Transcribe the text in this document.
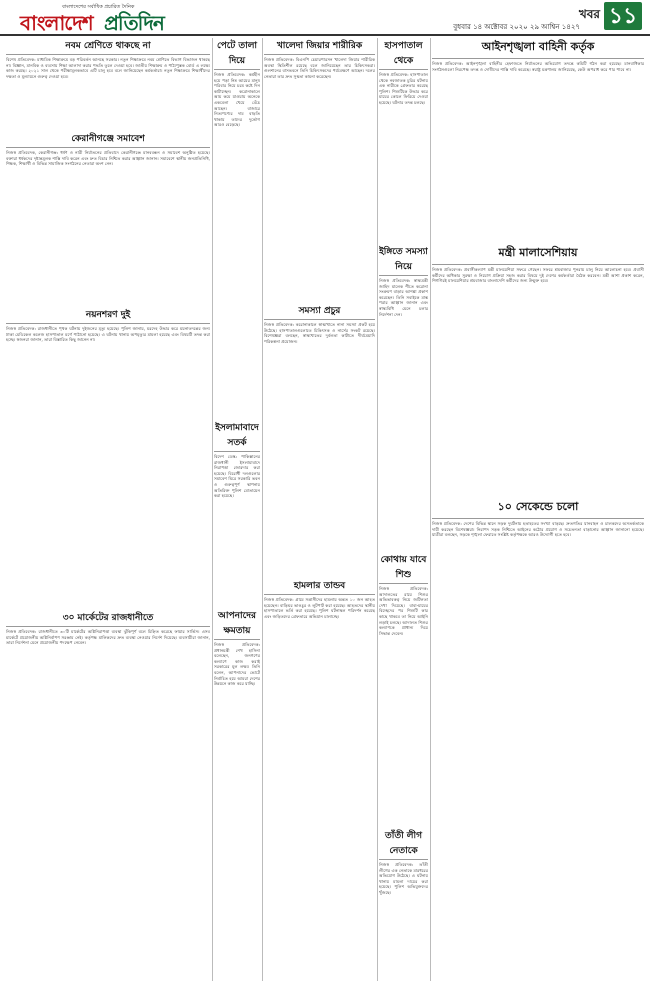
বাংলাদেশের সর্বাধিক প্রচারিত দৈনিক
বাংলাদেশ প্রতিদিন	খবর
বুধবার ১৪ অক্টোবর ২০২০ ২৯ আশ্বিন ১৪২৭ ১১
নবম শ্রেণিতে থাকছে না

বিশেষ প্রতিবেদক: মাধ্যমিক শিক্ষাক্রমে বড় পরিবর্তন আনছে সরকার। নতুন শিক্ষাক্রমে নবম শ্রেণিতে বিভাগ বিভাজন থাকছে না। বিজ্ঞান, মানবিক ও ব্যবসায় শিক্ষা আলাদা করার পদ্ধতি তুলে দেওয়া হবে। জাতীয় শিক্ষাক্রম ও পাঠ্যপুস্তক বোর্ড এ লক্ষ্যে কাজ করছে। ২০২১ সাল থেকে পরীক্ষামূলকভাবে এটি চালু হবে বলে জানিয়েছেন কর্মকর্তারা। নতুন শিক্ষাক্রমে শিক্ষার্থীদের দক্ষতা ও মূল্যায়নে গুরুত্ব দেওয়া হবে।

কেরানীগঞ্জে সমাবেশ

নিজস্ব প্রতিবেদক, কেরানীগঞ্জ: ধর্ষণ ও নারী নির্যাতনের প্রতিবাদে কেরানীগঞ্জে মানববন্ধন ও সমাবেশ অনুষ্ঠিত হয়েছে। বক্তারা ধর্ষকদের দৃষ্টান্তমূলক শাস্তি দাবি করেন এবং দ্রুত বিচার নিশ্চিত করার আহ্বান জানান। সমাবেশে স্থানীয় জনপ্রতিনিধি, শিক্ষক, শিক্ষার্থী ও বিভিন্ন সামাজিক সংগঠনের নেতারা অংশ নেন।

নয়নশরণ দুই

নিজস্ব প্রতিবেদক: রাজধানীতে পৃথক ঘটনায় দুইজনের মৃত্যু হয়েছে। পুলিশ জানায়, মরদেহ উদ্ধার করে ময়নাতদন্তের জন্য ঢাকা মেডিকেল কলেজ হাসপাতাল মর্গে পাঠানো হয়েছে। এ ঘটনায় থানায় অপমৃত্যুর মামলা হয়েছে এবং বিষয়টি তদন্ত করা হচ্ছে। স্বজনরা জানান, তারা বিস্তারিত কিছু জানেন না।

৩০ মার্কেটের রাজধানীতে

নিজস্ব প্রতিবেদক: রাজধানীতে ৩০টি মার্কেটের অগ্নিনিরাপত্তা ব্যবস্থা ঝুঁকিপূর্ণ বলে চিহ্নিত করেছে ফায়ার সার্ভিস। এসব মার্কেটে প্রয়োজনীয় অগ্নিনির্বাপণ সরঞ্জাম নেই। কর্তৃপক্ষ মালিকদের দ্রুত ব্যবস্থা নেওয়ার নির্দেশ দিয়েছে। ব্যবসায়ীরা জানান, তারা নির্দেশনা মেনে প্রয়োজনীয় পদক্ষেপ নেবেন।

পেটে তালা দিয়ে

নিজস্ব প্রতিবেদক: কর্মহীন হয়ে পড়া নিম্ন আয়ের মানুষ পরিবার নিয়ে চরম কষ্টে দিন কাটাচ্ছেন। করোনাকালে আয় কমে যাওয়ায় অনেকে একবেলা খেয়ে বেঁচে আছেন। বাজারে নিত্যপণ্যের দাম বাড়তি থাকায় তাদের দুর্ভোগ আরও বেড়েছে।

ইসলামাবাদে সতর্ক

বিদেশ ডেস্ক: পাকিস্তানের রাজধানী ইসলামাবাদে নিরাপত্তা জোরদার করা হয়েছে। বিরোধী দলগুলোর সমাবেশ ঘিরে সরকারি ভবন ও গুরুত্বপূর্ণ স্থাপনায় অতিরিক্ত পুলিশ মোতায়েন করা হয়েছে।

আপনাদের ক্ষমতায়

নিজস্ব প্রতিবেদক: প্রধানমন্ত্রী শেখ হাসিনা বলেছেন, জনগণের কল্যাণে কাজ করাই সরকারের মূল লক্ষ্য। তিনি বলেন, আপনাদের ভোটে নির্বাচিত হয়ে আমরা দেশের উন্নয়নে কাজ করে যাচ্ছি।

খালেদা জিয়ার শারীরিক

নিজস্ব প্রতিবেদক: বিএনপি চেয়ারপারসন খালেদা জিয়ার শারীরিক অবস্থা স্থিতিশীল রয়েছে বলে জানিয়েছেন তার চিকিৎসকরা। গুলশানের বাসভবনে তিনি চিকিৎসকদের পর্যবেক্ষণে আছেন। দলের নেতারা তার দ্রুত সুস্থতা কামনা করেছেন।

সমস্যা প্রচুর

নিজস্ব প্রতিবেদক: করোনাকালে স্বাস্থ্যখাতে নানা সমস্যা প্রকট হয়ে উঠেছে। হাসপাতালগুলোতে চিকিৎসক ও নার্সের সংকট রয়েছে। বিশেষজ্ঞরা বলছেন, স্বাস্থ্যখাতের দুর্বলতা কাটাতে দীর্ঘমেয়াদি পরিকল্পনা প্রয়োজন।

হামলার তান্ডব

নিজস্ব প্রতিবেদক: গ্রামে সন্ত্রাসীদের হামলায় অন্তত ১০ জন আহত হয়েছেন। বাড়িঘর ভাঙচুর ও লুটপাট করা হয়েছে। আহতদের স্থানীয় হাসপাতালে ভর্তি করা হয়েছে। পুলিশ ঘটনাস্থল পরিদর্শন করেছে এবং জড়িতদের গ্রেফতারে অভিযান চালাচ্ছে।

হাসপাতাল থেকে

নিজস্ব প্রতিবেদক: হাসপাতাল থেকে নবজাতক চুরির ঘটনায় এক নারীকে গ্রেফতার করেছে পুলিশ। শিশুটিকে উদ্ধার করে মায়ের কোলে ফিরিয়ে দেওয়া হয়েছে। ঘটনার তদন্ত চলছে।

ইঙ্গিতে সমস্যা নিয়ে

নিজস্ব প্রতিবেদক: স্বাস্থ্যমন্ত্রী জাহিদ মালেক শীতে করোনা সংক্রমণ বাড়ার আশঙ্কা প্রকাশ করেছেন। তিনি সবাইকে মাস্ক পরার আহ্বান জানান এবং স্বাস্থ্যবিধি মেনে চলার নির্দেশনা দেন।

কোথায় যাবে শিশু

নিজস্ব প্রতিবেদক: আদালতের রায়ে শিশুর অভিভাবকত্ব নিয়ে জটিলতা দেখা দিয়েছে। বাবা-মায়ের বিচ্ছেদের পর শিশুটি কার কাছে থাকবে তা নিয়ে আইনি লড়াই চলছে। আদালত শিশুর কল্যাণকে প্রাধান্য দিয়ে সিদ্ধান্ত দেবেন।

তাঁতী লীগ নেতাকে

নিজস্ব প্রতিবেদক: তাঁতী লীগের এক নেতাকে মারধরের অভিযোগ উঠেছে। এ ঘটনায় থানায় মামলা দায়ের করা হয়েছে। পুলিশ অভিযুক্তদের খুঁজছে।

আইনশৃঙ্খলা বাহিনী কর্তৃক

নিজস্ব প্রতিবেদক: আইনশৃঙ্খলা বাহিনীর হেফাজতে নির্যাতনের অভিযোগ তদন্তে কমিটি গঠন করা হয়েছে। মানবাধিকার সংগঠনগুলো নিরপেক্ষ তদন্ত ও দোষীদের শাস্তি দাবি করেছে। স্বরাষ্ট্র মন্ত্রণালয় জানিয়েছে, কেউ অপরাধ করে পার পাবে না।

মন্ত্রী মালাসেশিয়ায়

নিজস্ব প্রতিবেদক: প্রবাসীকল্যাণ মন্ত্রী মালয়েশিয়া সফরে গেছেন। সফরে শ্রমবাজার পুনরায় চালু নিয়ে আলোচনা হবে। প্রবাসী কর্মীদের অধিকার সুরক্ষা ও নিয়োগ প্রক্রিয়া সহজ করার বিষয়ে দুই দেশের কর্মকর্তারা বৈঠক করবেন। মন্ত্রী আশা প্রকাশ করেন, শিগগিরই মালয়েশিয়ার শ্রমবাজার বাংলাদেশি কর্মীদের জন্য উন্মুক্ত হবে।

১০ সেকেন্ডে চলো

নিজস্ব প্রতিবেদক: দেশের বিভিন্ন স্থানে সড়ক দুর্ঘটনায় হতাহতের সংখ্যা বাড়ছে। দ্রুতগতির যানবাহন ও চালকদের অসতর্কতাকে দায়ী করছেন বিশেষজ্ঞরা। নিরাপদ সড়ক নিশ্চিতে আইনের কঠোর প্রয়োগ ও সচেতনতা বাড়ানোর আহ্বান জানানো হয়েছে। যাত্রীরা বলছেন, সড়কে শৃঙ্খলা ফেরাতে সংশ্লিষ্ট কর্তৃপক্ষকে আরও উদ্যোগী হতে হবে।
